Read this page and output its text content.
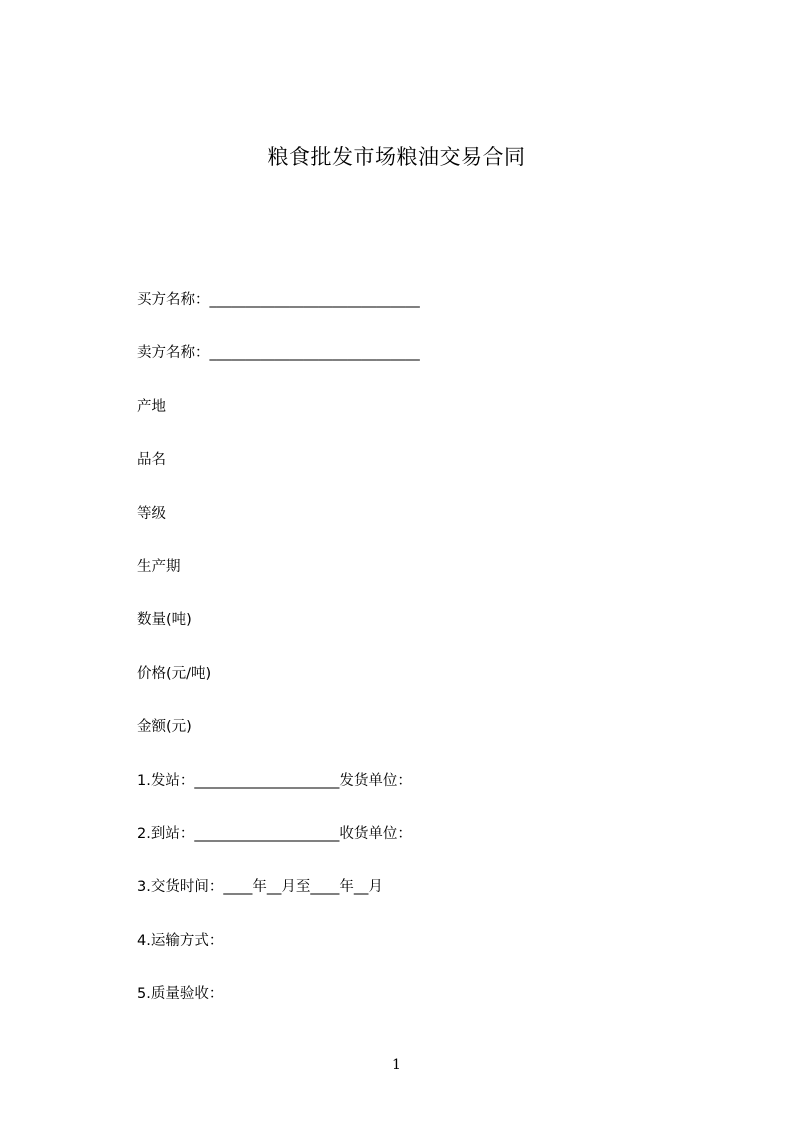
粮食批发市场粮油交易合同
买方名称：_____________________________
卖方名称：_____________________________
产地
品名
等级
生产期
数量(吨)
价格(元/吨)
金额(元)
1.发站：____________________发货单位：
2.到站：____________________收货单位：
3.交货时间：____年__月至____年__月
4.运输方式：
5.质量验收：
1
